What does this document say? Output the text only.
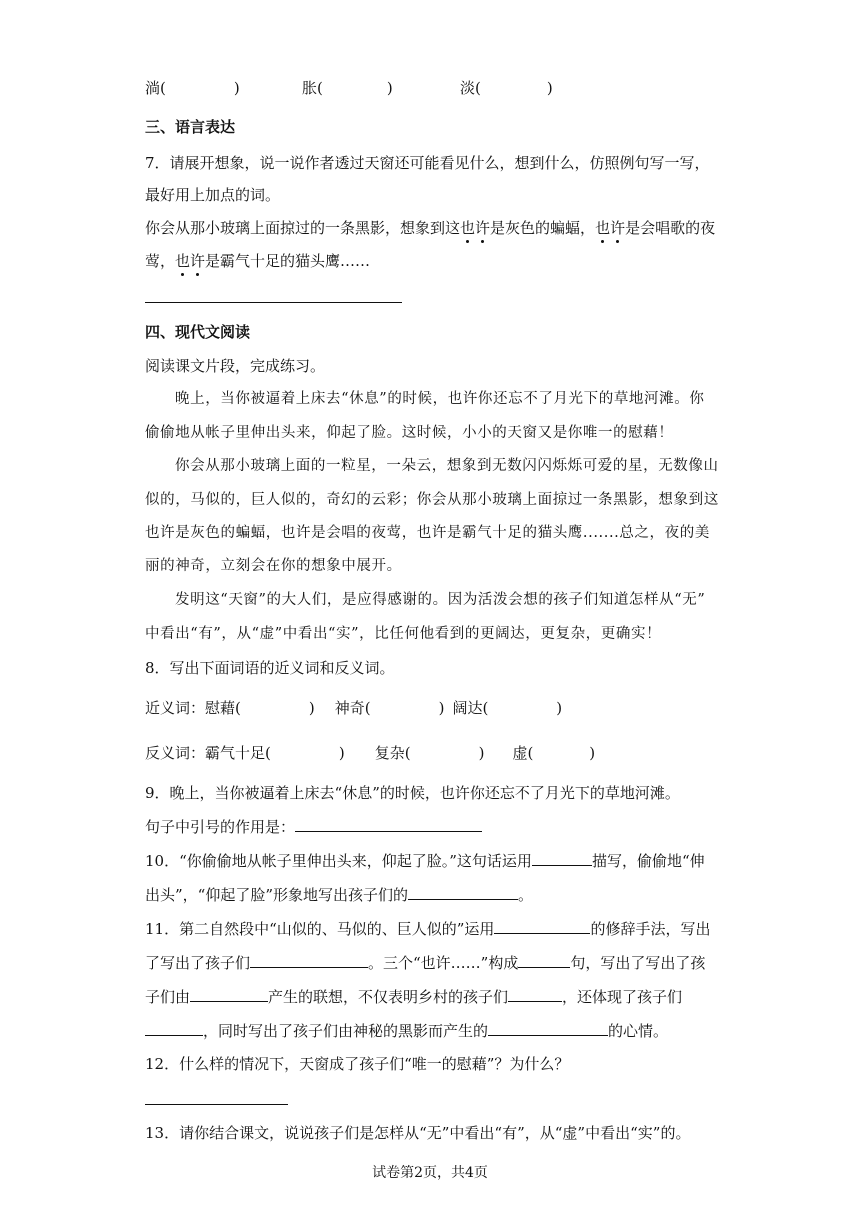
淌(	)	胀(	)	淡(	)
三、语言表达
7．请展开想象，说一说作者透过天窗还可能看见什么，想到什么，仿照例句写一写，
最好用上加点的词。
你会从那小玻璃上面掠过的一条黑影，想象到这也许是灰色的蝙蝠，也许是会唱歌的夜
莺，也许是霸气十足的猫头鹰……
四、现代文阅读
阅读课文片段，完成练习。
晚上，当你被逼着上床去“休息”的时候，也许你还忘不了月光下的草地河滩。你
偷偷地从帐子里伸出头来，仰起了脸。这时候，小小的天窗又是你唯一的慰藉！
你会从那小玻璃上面的一粒星，一朵云，想象到无数闪闪烁烁可爱的星，无数像山
似的，马似的，巨人似的，奇幻的云彩；你会从那小玻璃上面掠过一条黑影，想象到这
也许是灰色的蝙蝠，也许是会唱的夜莺，也许是霸气十足的猫头鹰.......总之，夜的美
丽的神奇，立刻会在你的想象中展开。
发明这“天窗”的大人们，是应得感谢的。因为活泼会想的孩子们知道怎样从“无”
中看出“有”，从“虚”中看出“实”，比任何他看到的更阔达，更复杂，更确实！
8．写出下面词语的近义词和反义词。
近义词：慰藉(	) 神奇(	) 阔达(	)
反义词：霸气十足(	) 复杂(	) 虚(	)
9．晚上，当你被逼着上床去“休息”的时候，也许你还忘不了月光下的草地河滩。
句子中引号的作用是：
10．“你偷偷地从帐子里伸出头来，仰起了脸。”这句话运用	描写，偷偷地“伸
出头”，“仰起了脸”形象地写出孩子们的	。
11．第二自然段中“山似的、马似的、巨人似的”运用	的修辞手法，写出
了写出了孩子们	。三个“也许……”构成	句，写出了写出了孩
子们由	产生的联想，不仅表明乡村的孩子们	，还体现了孩子们
，同时写出了孩子们由神秘的黑影而产生的	的心情。
12．什么样的情况下，天窗成了孩子们“唯一的慰藉”？为什么？
13．请你结合课文，说说孩子们是怎样从“无”中看出“有”，从“虚”中看出“实”的。
试卷第2页，共4页
